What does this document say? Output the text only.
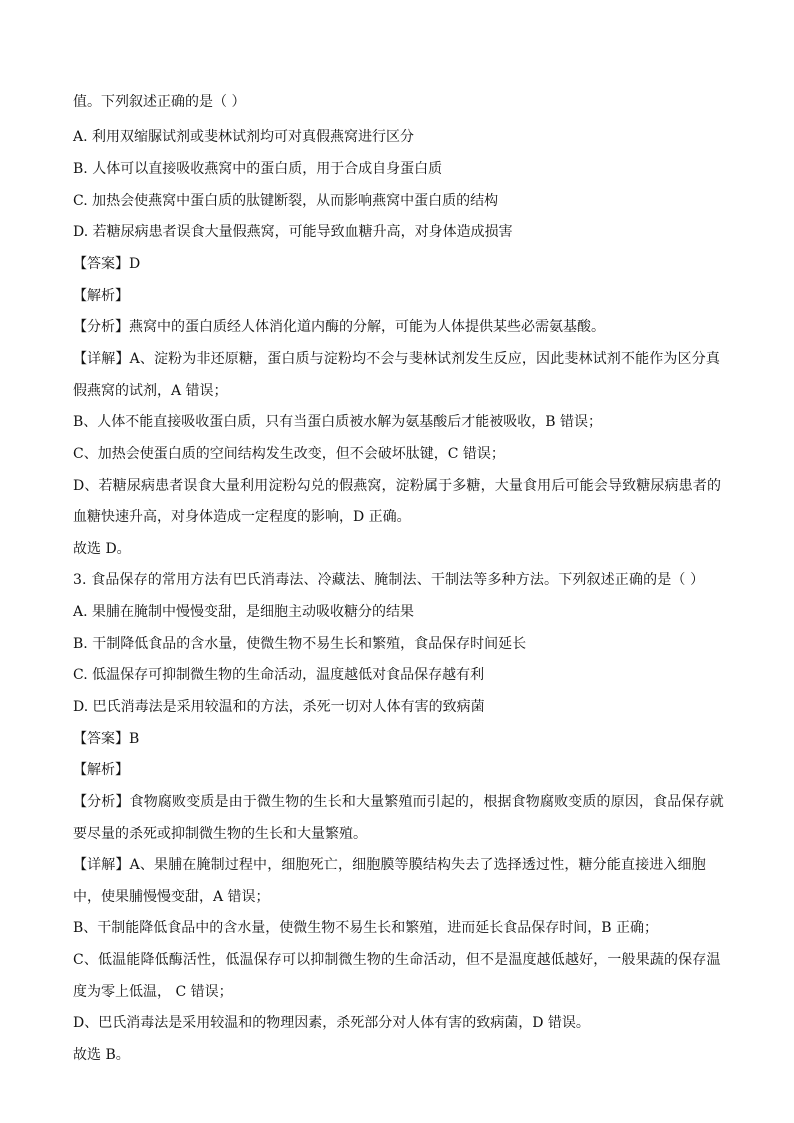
值。下列叙述正确的是（ ）
A. 利用双缩脲试剂或斐林试剂均可对真假燕窝进行区分
B. 人体可以直接吸收燕窝中的蛋白质，用于合成自身蛋白质
C. 加热会使燕窝中蛋白质的肽键断裂，从而影响燕窝中蛋白质的结构
D. 若糖尿病患者误食大量假燕窝，可能导致血糖升高，对身体造成损害
【答案】D
【解析】
【分析】燕窝中的蛋白质经人体消化道内酶的分解，可能为人体提供某些必需氨基酸。
【详解】A、淀粉为非还原糖，蛋白质与淀粉均不会与斐林试剂发生反应，因此斐林试剂不能作为区分真
假燕窝的试剂，A 错误；
B、人体不能直接吸收蛋白质，只有当蛋白质被水解为氨基酸后才能被吸收，B 错误；
C、加热会使蛋白质的空间结构发生改变，但不会破坏肽键，C 错误；
D、若糖尿病患者误食大量利用淀粉勾兑的假燕窝，淀粉属于多糖，大量食用后可能会导致糖尿病患者的
血糖快速升高，对身体造成一定程度的影响，D 正确。
故选 D。
3. 食品保存的常用方法有巴氏消毒法、冷藏法、腌制法、干制法等多种方法。下列叙述正确的是（ ）
A. 果脯在腌制中慢慢变甜，是细胞主动吸收糖分的结果
B. 干制降低食品的含水量，使微生物不易生长和繁殖，食品保存时间延长
C. 低温保存可抑制微生物的生命活动，温度越低对食品保存越有利
D. 巴氏消毒法是采用较温和的方法，杀死一切对人体有害的致病菌
【答案】B
【解析】
【分析】食物腐败变质是由于微生物的生长和大量繁殖而引起的，根据食物腐败变质的原因，食品保存就
要尽量的杀死或抑制微生物的生长和大量繁殖。
【详解】A、果脯在腌制过程中，细胞死亡，细胞膜等膜结构失去了选择透过性，糖分能直接进入细胞
中，使果脯慢慢变甜，A 错误；
B、干制能降低食品中的含水量，使微生物不易生长和繁殖，进而延长食品保存时间，B 正确；
C、低温能降低酶活性，低温保存可以抑制微生物的生命活动，但不是温度越低越好，一般果蔬的保存温
度为零上低温， C 错误；
D、巴氏消毒法是采用较温和的物理因素，杀死部分对人体有害的致病菌，D 错误。
故选 B。
